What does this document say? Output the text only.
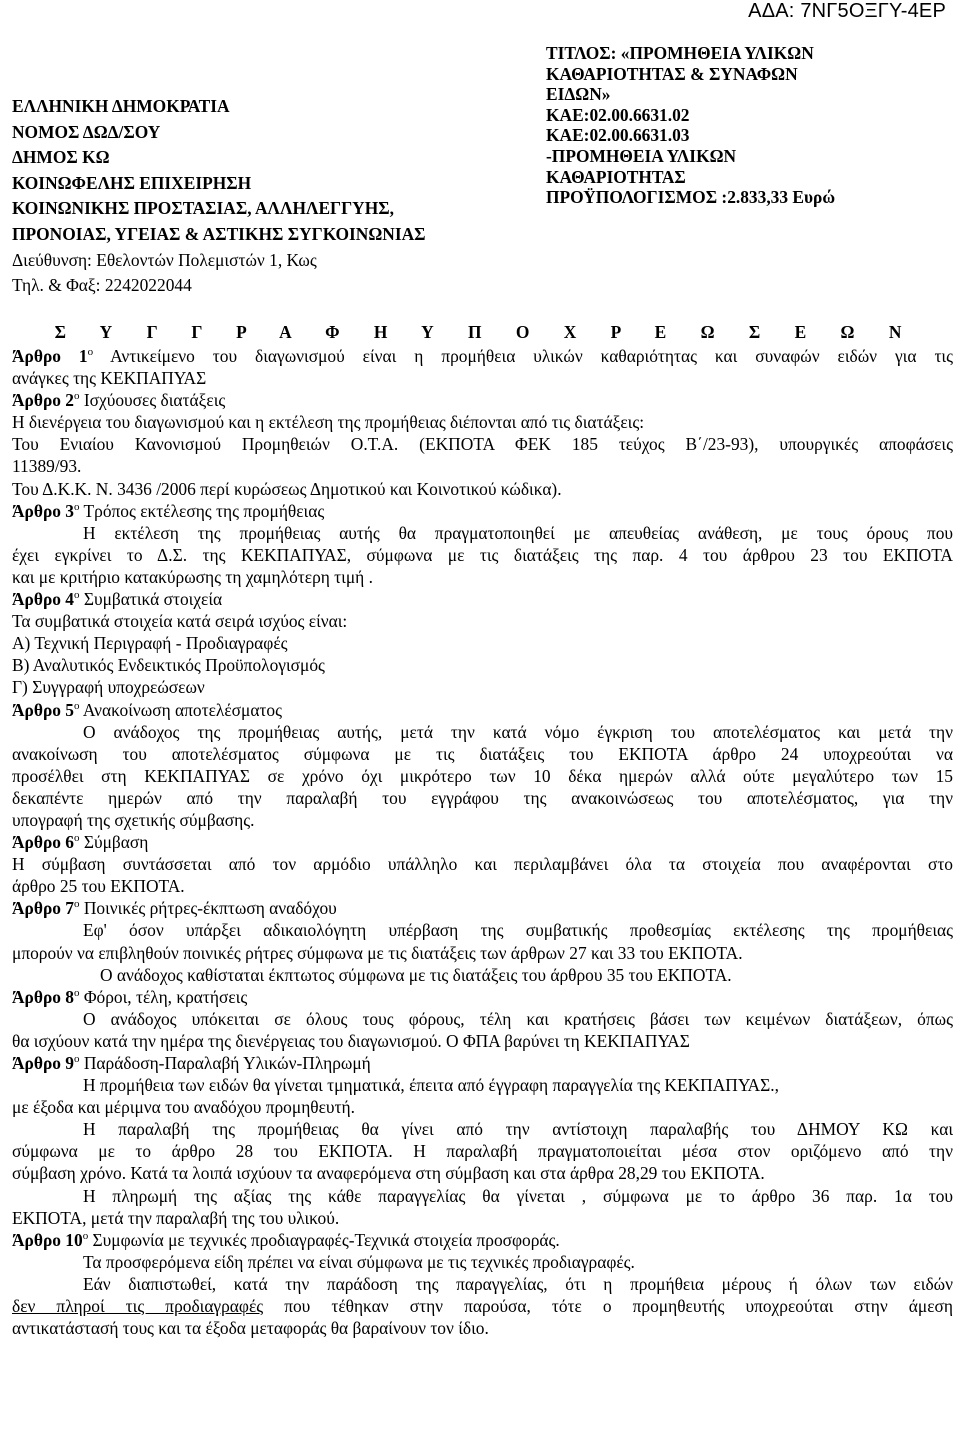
ΑΔΑ: 7ΝΓ5ΟΞΓΥ-4ΕΡ
ΕΛΛΗΝΙΚΗ ΔΗΜΟΚΡΑΤΙΑ
ΝΟΜΟΣ ΔΩΔ/ΣΟΥ
ΔΗΜΟΣ ΚΩ
ΚΟΙΝΩΦΕΛΗΣ ΕΠΙΧΕΙΡΗΣΗ
ΚΟΙΝΩΝΙΚΗΣ ΠΡΟΣΤΑΣΙΑΣ, ΑΛΛΗΛΕΓΓΥΗΣ,
ΠΡΟΝΟΙΑΣ, ΥΓΕΙΑΣ & ΑΣΤΙΚΗΣ ΣΥΓΚΟΙΝΩΝΙΑΣ
Διεύθυνση: Εθελοντών Πολεμιστών 1, Κως
Τηλ. & Φαξ: 2242022044
ΤΙΤΛΟΣ: «ΠΡΟΜΗΘΕΙΑ ΥΛΙΚΩΝ
ΚΑΘΑΡΙΟΤΗΤΑΣ & ΣΥΝΑΦΩΝ
ΕΙΔΩΝ»
ΚΑΕ:02.00.6631.02
ΚΑΕ:02.00.6631.03
-ΠΡΟΜΗΘΕΙΑ ΥΛΙΚΩΝ
ΚΑΘΑΡΙΟΤΗΤΑΣ
ΠΡΟΫΠΟΛΟΓΙΣΜΟΣ :2.833,33 Ευρώ
Σ Υ Γ Γ Ρ Α Φ Η Υ Π Ο Χ Ρ Ε Ω Σ Ε Ω Ν
Άρθρο $1^o$ Αντικείμενο του διαγωνισμού είναι η προμήθεια υλικών καθαριότητας και συναφών ειδών για τις
ανάγκες της ΚΕΚΠΑΠΥΑΣ
Άρθρο $2^o$ Ισχύουσες διατάξεις
Η διενέργεια του διαγωνισμού και η εκτέλεση της προμήθειας διέπονται από τις διατάξεις:
Του Ενιαίου Κανονισμού Προμηθειών Ο.Τ.Α. (ΕΚΠΟΤΑ ΦΕΚ 185 τεύχος Β΄/23-93), υπουργικές αποφάσεις
11389/93.
Του Δ.Κ.Κ. Ν. 3436 /2006 περί κυρώσεως Δημοτικού και Κοινοτικού κώδικα).
Άρθρο $3^o$ Τρόπος εκτέλεσης της προμήθειας
Η εκτέλεση της προμήθειας αυτής θα πραγματοποιηθεί με απευθείας ανάθεση, με τους όρους που
έχει εγκρίνει το Δ.Σ. της ΚΕΚΠΑΠΥΑΣ, σύμφωνα με τις διατάξεις της παρ. 4 του άρθρου 23 του ΕΚΠΟΤΑ
και με κριτήριο κατακύρωσης τη χαμηλότερη τιμή .
Άρθρο $4^o$ Συμβατικά στοιχεία
Τα συμβατικά στοιχεία κατά σειρά ισχύος είναι:
Α) Τεχνική Περιγραφή - Προδιαγραφές
Β) Αναλυτικός Ενδεικτικός Προϋπολογισμός
Γ) Συγγραφή υποχρεώσεων
Άρθρο $5^o$ Ανακοίνωση αποτελέσματος
Ο ανάδοχος της προμήθειας αυτής, μετά την κατά νόμο έγκριση του αποτελέσματος και μετά την
ανακοίνωση του αποτελέσματος σύμφωνα με τις διατάξεις του ΕΚΠΟΤΑ άρθρο 24 υποχρεούται να
προσέλθει στη ΚΕΚΠΑΠΥΑΣ σε χρόνο όχι μικρότερο των 10 δέκα ημερών αλλά ούτε μεγαλύτερο των 15
δεκαπέντε ημερών από την παραλαβή του εγγράφου της ανακοινώσεως του αποτελέσματος, για την
υπογραφή της σχετικής σύμβασης.
Άρθρο $6^o$ Σύμβαση
Η σύμβαση συντάσσεται από τον αρμόδιο υπάλληλο και περιλαμβάνει όλα τα στοιχεία που αναφέρονται στο
άρθρο 25 του ΕΚΠΟΤΑ.
Άρθρο $7^o$ Ποινικές ρήτρες-έκπτωση αναδόχου
Εφ' όσον υπάρξει αδικαιολόγητη υπέρβαση της συμβατικής προθεσμίας εκτέλεσης της προμήθειας
μπορούν να επιβληθούν ποινικές ρήτρες σύμφωνα με τις διατάξεις των άρθρων 27 και 33 του ΕΚΠΟΤΑ.
Ο ανάδοχος καθίσταται έκπτωτος σύμφωνα με τις διατάξεις του άρθρου 35 του ΕΚΠΟΤΑ.
Άρθρο $8^o$ Φόροι, τέλη, κρατήσεις
Ο ανάδοχος υπόκειται σε όλους τους φόρους, τέλη και κρατήσεις βάσει των κειμένων διατάξεων, όπως
θα ισχύουν κατά την ημέρα της διενέργειας του διαγωνισμού. Ο ΦΠΑ βαρύνει τη ΚΕΚΠΑΠΥΑΣ
Άρθρο $9^o$ Παράδοση-Παραλαβή Υλικών-Πληρωμή
Η προμήθεια των ειδών θα γίνεται τμηματικά, έπειτα από έγγραφη παραγγελία της ΚΕΚΠΑΠΥΑΣ.,
με έξοδα και μέριμνα του αναδόχου προμηθευτή.
Η παραλαβή της προμήθειας θα γίνει από την αντίστοιχη παραλαβής του ΔΗΜΟΥ ΚΩ και
σύμφωνα με το άρθρο 28 του ΕΚΠΟΤΑ. Η παραλαβή πραγματοποιείται μέσα στον οριζόμενο από την
σύμβαση χρόνο. Κατά τα λοιπά ισχύουν τα αναφερόμενα στη σύμβαση και στα άρθρα 28,29 του ΕΚΠΟΤΑ.
Η πληρωμή της αξίας της κάθε παραγγελίας θα γίνεται , σύμφωνα με το άρθρο 36 παρ. 1α του
ΕΚΠΟΤΑ, μετά την παραλαβή της του υλικού.
Άρθρο $10^o$ Συμφωνία με τεχνικές προδιαγραφές-Τεχνικά στοιχεία προσφοράς.
Τα προσφερόμενα είδη πρέπει να είναι σύμφωνα με τις τεχνικές προδιαγραφές.
Εάν διαπιστωθεί, κατά την παράδοση της παραγγελίας, ότι η προμήθεια μέρους ή όλων των ειδών
δεν πληροί τις προδιαγραφές που τέθηκαν στην παρούσα, τότε ο προμηθευτής υποχρεούται στην άμεση
αντικατάστασή τους και τα έξοδα μεταφοράς θα βαραίνουν τον ίδιο.
